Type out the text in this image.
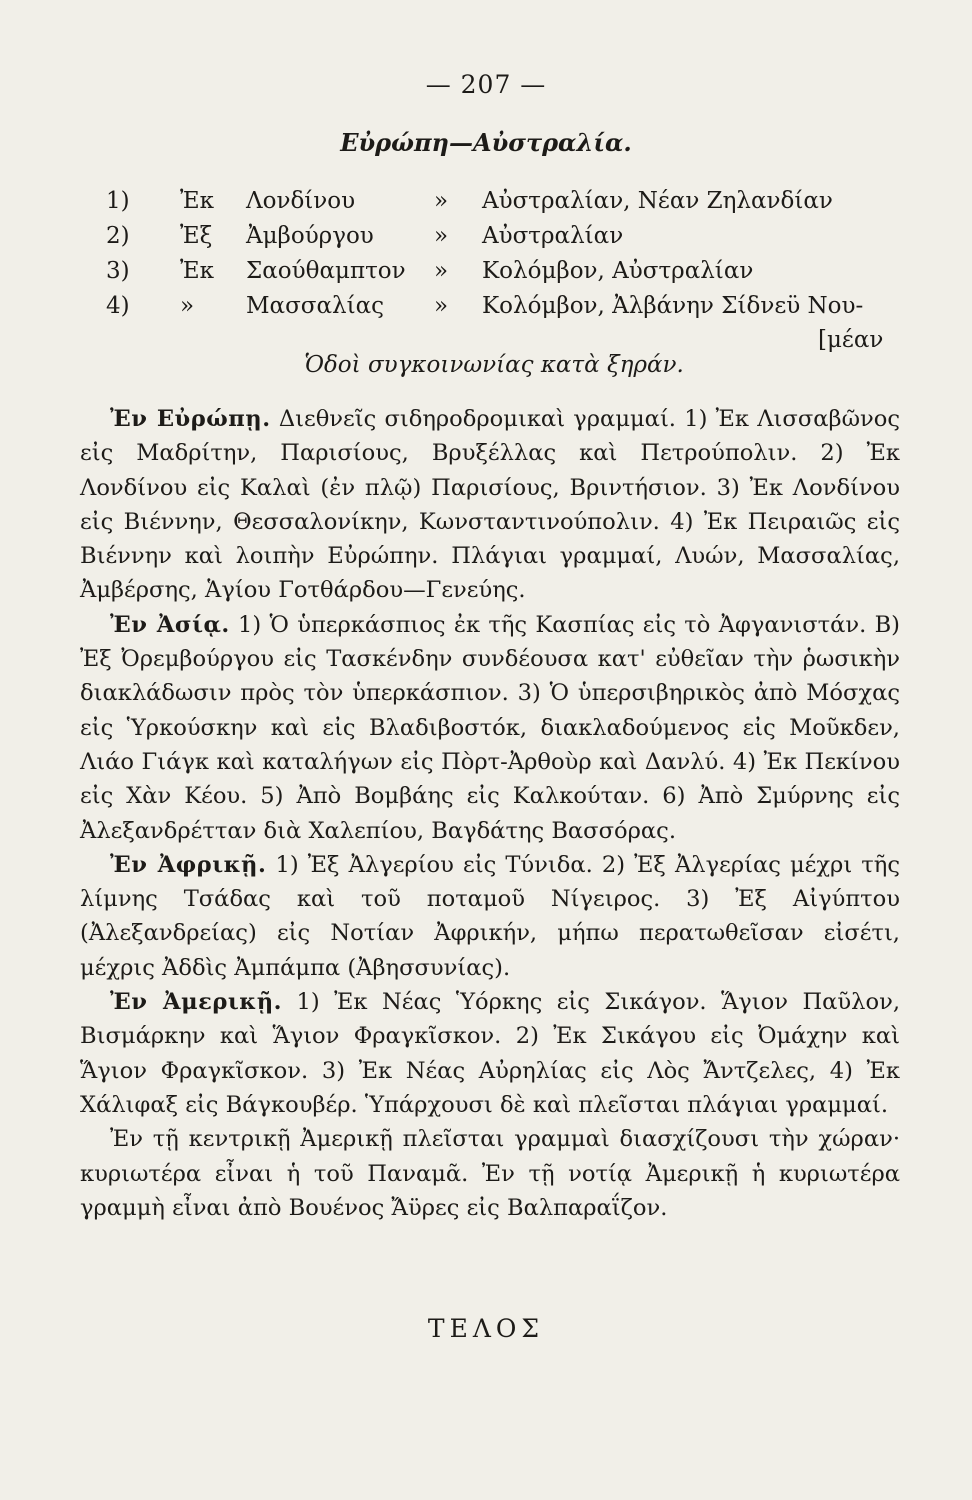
— 207 —
Εὐρώπη—Αὐστραλία.
1) Ἐκ Λονδίνου	» Αὐστραλίαν, Νέαν Ζηλανδίαν
2) Ἐξ Ἀμβούργου	» Αὐστραλίαν
3) Ἐκ Σαούθαμπτον » Κολόμβον, Αὐστραλίαν
4) » Μασσαλίας » Κολόμβον, Ἀλβάνην Σίδνεϋ Νου-
[μέαν
Ὁδοὶ συγκοινωνίας κατὰ ξηράν.

Ἐν Εὐρώπῃ. Διεθνεῖς σιδηροδρομικαὶ γραμμαί. 1) Ἐκ Λισσαβῶνος εἰς Μαδρίτην, Παρισίους, Βρυξέλλας καὶ Πετρούπολιν. 2) Ἐκ Λονδίνου εἰς Καλαὶ (ἐν πλῷ) Παρισίους, Βριντήσιον. 3) Ἐκ Λονδίνου εἰς Βιέννην, Θεσσαλονίκην, Κωνσταντινούπολιν. 4) Ἐκ Πειραιῶς εἰς Βιέννην καὶ λοιπὴν Εὐρώπην. Πλάγιαι γραμμαί, Λυών, Μασσαλίας, Ἀμβέρσης, Ἁγίου Γοτθάρδου—Γενεύης.

Ἐν Ἀσίᾳ. 1) Ὁ ὑπερκάσπιος ἐκ τῆς Κασπίας εἰς τὸ Ἀφγανιστάν. Β) Ἐξ Ὀρεμβούργου εἰς Τασκένδην συνδέουσα κατ' εὐθεῖαν τὴν ῥωσικὴν διακλάδωσιν πρὸς τὸν ὑπερκάσπιον. 3) Ὁ ὑπερσιβηρικὸς ἀπὸ Μόσχας εἰς Ὑρκούσκην καὶ εἰς Βλαδιβοστόκ, διακλαδούμενος εἰς Μοῦκδεν, Λιάο Γιάγκ καὶ καταλήγων εἰς Πὸρτ-Ἀρθοὺρ καὶ Δανλύ. 4) Ἐκ Πεκίνου εἰς Χὰν Κέου. 5) Ἀπὸ Βομβάης εἰς Καλκούταν. 6) Ἀπὸ Σμύρνης εἰς Ἀλεξανδρέτταν διὰ Χαλεπίου, Βαγδάτης Βασσόρας.

Ἐν Ἀφρικῇ. 1) Ἐξ Ἀλγερίου εἰς Τύνιδα. 2) Ἐξ Ἀλγερίας μέχρι τῆς λίμνης Τσάδας καὶ τοῦ ποταμοῦ Νίγειρος. 3) Ἐξ Αἰγύπτου (Ἀλεξανδρείας) εἰς Νοτίαν Ἀφρικήν, μήπω περατωθεῖσαν εἰσέτι, μέχρις Ἀδδὶς Ἀμπάμπα (Ἀβησσυνίας).

Ἐν Ἀμερικῇ. 1) Ἐκ Νέας Ὑόρκης εἰς Σικάγον. Ἅγιον Παῦλον, Βισμάρκην καὶ Ἅγιον Φραγκῖσκον. 2) Ἐκ Σικάγου εἰς Ὀμάχην καὶ Ἅγιον Φραγκῖσκον. 3) Ἐκ Νέας Αὐρηλίας εἰς Λὸς Ἄντζελες, 4) Ἐκ Χάλιφαξ εἰς Βάγκουβέρ. Ὑπάρχουσι δὲ καὶ πλεῖσται πλάγιαι γραμμαί.

Ἐν τῇ κεντρικῇ Ἀμερικῇ πλεῖσται γραμμαὶ διασχίζουσι τὴν χώραν· κυριωτέρα εἶναι ἡ τοῦ Παναμᾶ. Ἐν τῇ νοτίᾳ Ἀμερικῇ ἡ κυριωτέρα γραμμὴ εἶναι ἀπὸ Βουένος Ἄϋρες εἰς Βαλπαραΐζον.

ΤΕΛΟΣ
